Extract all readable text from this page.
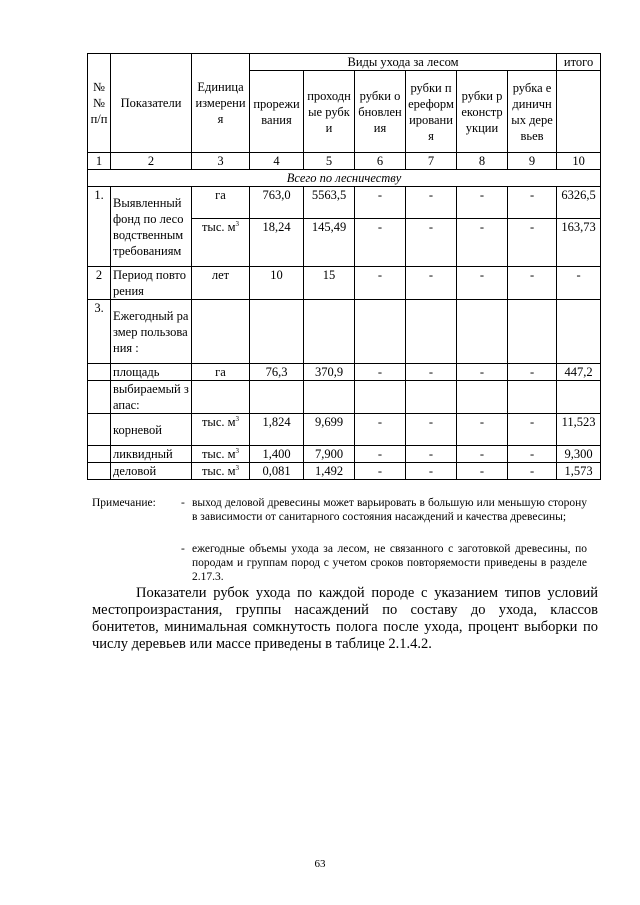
№ № п/п	Показатели	Единица измерения	Виды ухода за лесом						итого
			прореживания	проходные рубки	рубки обновления	рубки переформирования	рубки реконструкции	рубка единичных деревьев	
1	2	3	4	5	6	7	8	9	10
Всего по лесничеству									
1.	Выявленный фонд по лесоводственным требованиям	га	763,0	5563,5	-	-	-	-	6326,5
		тыс. $м^3$	18,24	145,49	-	-	-	-	163,73
2	Период повторения	лет	10	15	-	-	-	-	-
3.	Ежегодный размер пользования :								
	площадь	га	76,3	370,9	-	-	-	-	447,2
	выбираемый запас:								
	корневой	тыс. $м^3$	1,824	9,699	-	-	-	-	11,523
	ликвидный	тыс. $м^3$	1,400	7,900	-	-	-	-	9,300
	деловой	тыс. $м^3$	0,081	1,492	-	-	-	-	1,573
Примечание: - выход деловой древесины может варьировать в большую или меньшую сторону в зависимости от санитарного состояния насаждений и качества древесины;
- ежегодные объемы ухода за лесом, не связанного с заготовкой древесины, по породам и группам пород с учетом сроков повторяемости приведены в разделе 2.17.3.
Показатели рубок ухода по каждой породе с указанием типов условий местопроизрастания, группы насаждений по составу до ухода, классов бонитетов, минимальная сомкнутость полога после ухода, процент выборки по числу деревьев или массе приведены в таблице 2.1.4.2.
63
